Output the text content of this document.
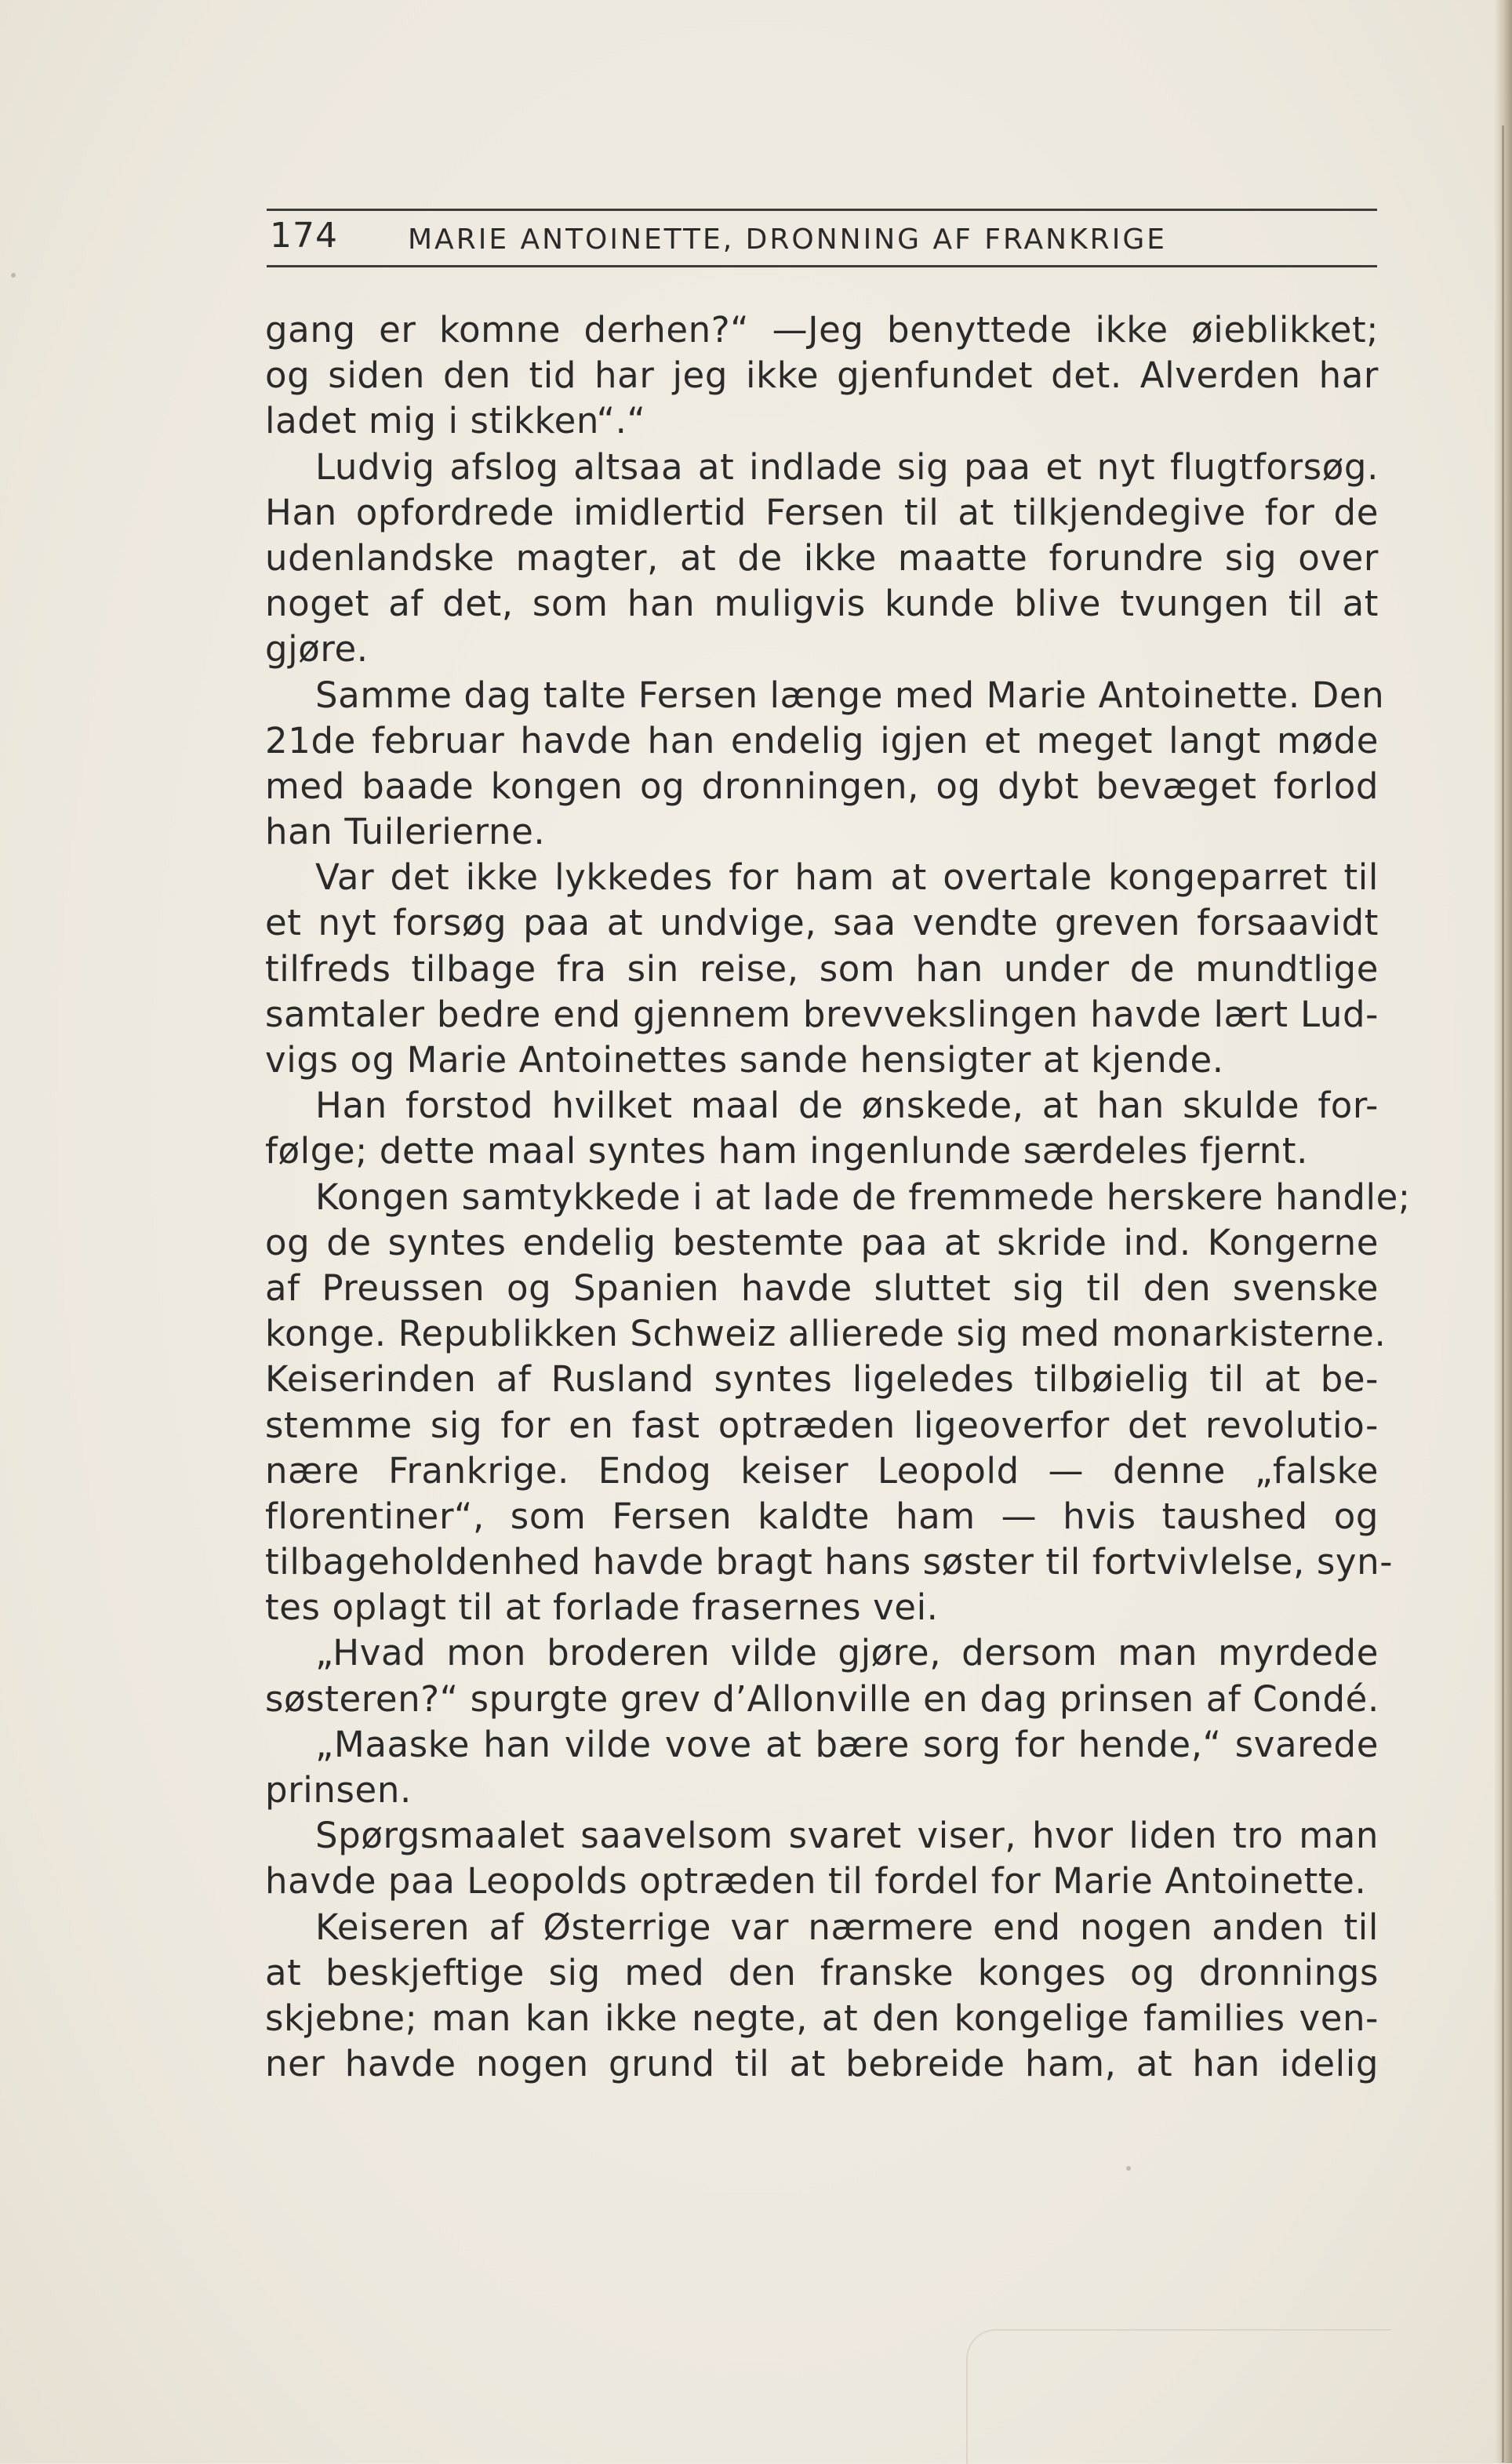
174 MARIE ANTOINETTE, DRONNING AF FRANKRIGE
gang er komne derhen?“ —Jeg benyttede ikke øieblikket;
og siden den tid har jeg ikke gjenfundet det. Alverden har
ladet mig i stikken“.“
Ludvig afslog altsaa at indlade sig paa et nyt flugtforsøg.
Han opfordrede imidlertid Fersen til at tilkjendegive for de
udenlandske magter, at de ikke maatte forundre sig over
noget af det, som han muligvis kunde blive tvungen til at
gjøre.
Samme dag talte Fersen længe med Marie Antoinette. Den
21de februar havde han endelig igjen et meget langt møde
med baade kongen og dronningen, og dybt bevæget forlod
han Tuilerierne.
Var det ikke lykkedes for ham at overtale kongeparret til
et nyt forsøg paa at undvige, saa vendte greven forsaavidt
tilfreds tilbage fra sin reise, som han under de mundtlige
samtaler bedre end gjennem brevvekslingen havde lært Lud-
vigs og Marie Antoinettes sande hensigter at kjende.
Han forstod hvilket maal de ønskede, at han skulde for-
følge; dette maal syntes ham ingenlunde særdeles fjernt.
Kongen samtykkede i at lade de fremmede herskere handle;
og de syntes endelig bestemte paa at skride ind. Kongerne
af Preussen og Spanien havde sluttet sig til den svenske
konge. Republikken Schweiz allierede sig med monarkisterne.
Keiserinden af Rusland syntes ligeledes tilbøielig til at be-
stemme sig for en fast optræden ligeoverfor det revolutio-
nære Frankrige. Endog keiser Leopold — denne „falske
florentiner“, som Fersen kaldte ham — hvis taushed og
tilbageholdenhed havde bragt hans søster til fortvivlelse, syn-
tes oplagt til at forlade frasernes vei.
„Hvad mon broderen vilde gjøre, dersom man myrdede
søsteren?“ spurgte grev d’Allonville en dag prinsen af Condé.
„Maaske han vilde vove at bære sorg for hende,“ svarede
prinsen.
Spørgsmaalet saavelsom svaret viser, hvor liden tro man
havde paa Leopolds optræden til fordel for Marie Antoinette.
Keiseren af Østerrige var nærmere end nogen anden til
at beskjeftige sig med den franske konges og dronnings
skjebne; man kan ikke negte, at den kongelige families ven-
ner havde nogen grund til at bebreide ham, at han idelig
